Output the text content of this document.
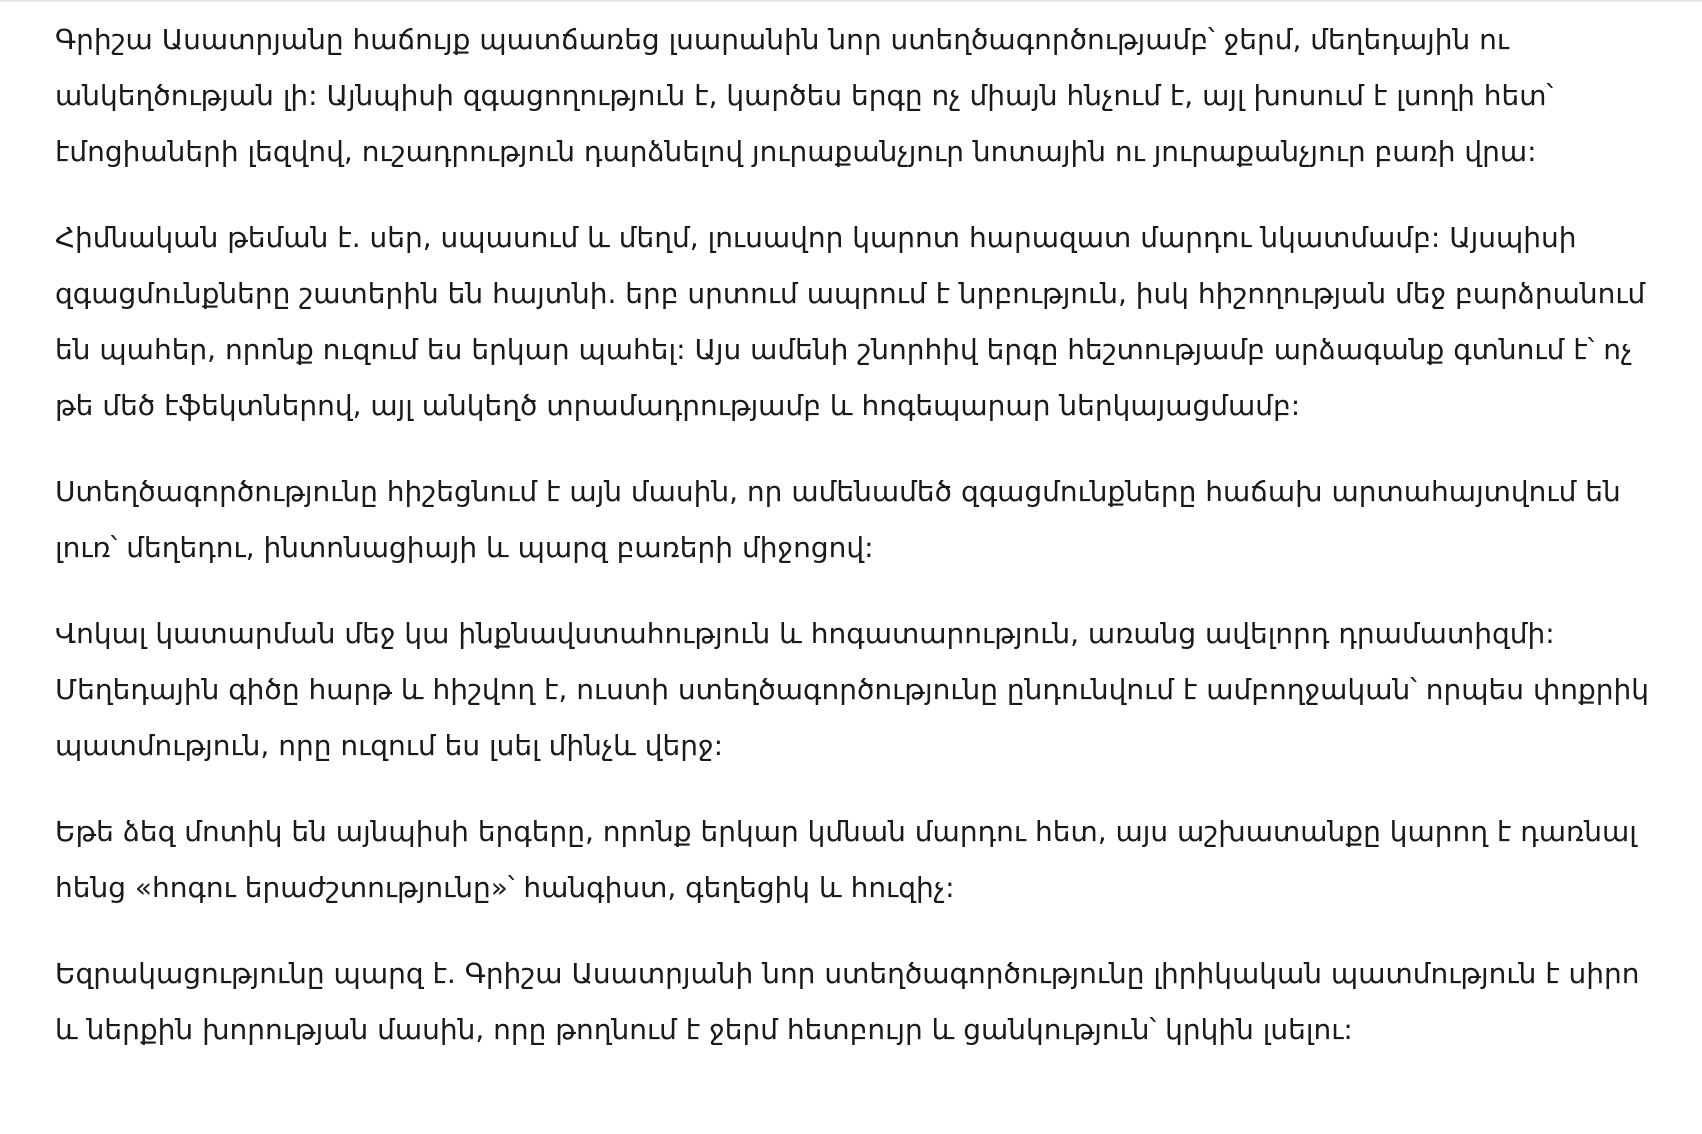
Գրիշա Ասատրյանը հաճույք պատճառեց լսարանին նոր ստեղծագործությամբ՝ ջերմ, մեղեդային ու անկեղծության լի: Այնպիսի զգացողություն է, կարծես երգը ոչ միայն հնչում է, այլ խոսում է լսողի հետ՝ էմոցիաների լեզվով, ուշադրություն դարձնելով յուրաքանչյուր նոտային ու յուրաքանչյուր բառի վրա:

Հիմնական թեման է. սեր, սպասում և մեղմ, լուսավոր կարոտ հարազատ մարդու նկատմամբ: Այսպիսի զգացմունքները շատերին են հայտնի. երբ սրտում ապրում է նրբություն, իսկ հիշողության մեջ բարձրանում են պահեր, որոնք ուզում ես երկար պահել: Այս ամենի շնորհիվ երգը հեշտությամբ արձագանք գտնում է՝ ոչ թե մեծ էֆեկտներով, այլ անկեղծ տրամադրությամբ և հոգեպարար ներկայացմամբ:

Ստեղծագործությունը հիշեցնում է այն մասին, որ ամենամեծ զգացմունքները հաճախ արտահայտվում են լուռ՝ մեղեդու, ինտոնացիայի և պարզ բառերի միջոցով:

Վոկալ կատարման մեջ կա ինքնավստահություն և հոգատարություն, առանց ավելորդ դրամատիզմի: Մեղեդային գիծը հարթ և հիշվող է, ուստի ստեղծագործությունը ընդունվում է ամբողջական՝ որպես փոքրիկ պատմություն, որը ուզում ես լսել մինչև վերջ:

Եթե ձեզ մոտիկ են այնպիսի երգերը, որոնք երկար կմնան մարդու հետ, այս աշխատանքը կարող է դառնալ հենց «հոգու երաժշտությունը»՝ հանգիստ, գեղեցիկ և հուզիչ:

Եզրակացությունը պարզ է. Գրիշա Ասատրյանի նոր ստեղծագործությունը լիրիկական պատմություն է սիրո և ներքին խորության մասին, որը թողնում է ջերմ հետբույր և ցանկություն՝ կրկին լսելու:
